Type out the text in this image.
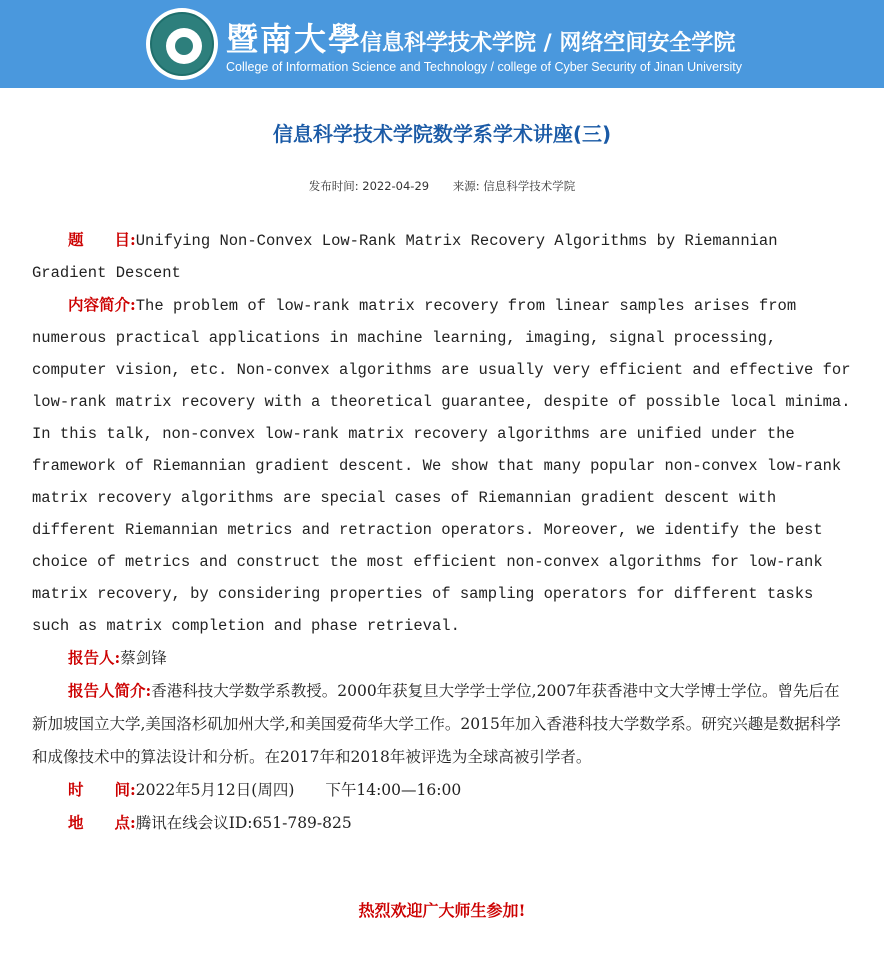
暨南大學
信息科学技术学院 / 网络空间安全学院
College of Information Science and Technology / college of Cyber Security of Jinan University
信息科学技术学院数学系学术讲座(三)
发布时间: 2022-04-29 来源: 信息科学技术学院

题　　目:Unifying Non-Convex Low-Rank Matrix Recovery Algorithms by Riemannian Gradient Descent

内容简介:The problem of low-rank matrix recovery from linear samples arises from numerous practical applications in machine learning, imaging, signal processing, computer vision, etc. Non-convex algorithms are usually very efficient and effective for low-rank matrix recovery with a theoretical guarantee, despite of possible local minima. In this talk, non-convex low-rank matrix recovery algorithms are unified under the framework of Riemannian gradient descent. We show that many popular non-convex low-rank matrix recovery algorithms are special cases of Riemannian gradient descent with different Riemannian metrics and retraction operators. Moreover, we identify the best choice of metrics and construct the most efficient non-convex algorithms for low-rank matrix recovery, by considering properties of sampling operators for different tasks such as matrix completion and phase retrieval.

报告人:蔡剑锋

报告人简介:香港科技大学数学系教授。2000年获复旦大学学士学位,2007年获香港中文大学博士学位。曾先后在新加坡国立大学,美国洛杉矶加州大学,和美国爱荷华大学工作。2015年加入香港科技大学数学系。研究兴趣是数据科学和成像技术中的算法设计和分析。在2017年和2018年被评选为全球高被引学者。

时　　间:2022年5月12日(周四)　　下午14:00—16:00

地　　点:腾讯在线会议ID:651-789-825

热烈欢迎广大师生参加!
